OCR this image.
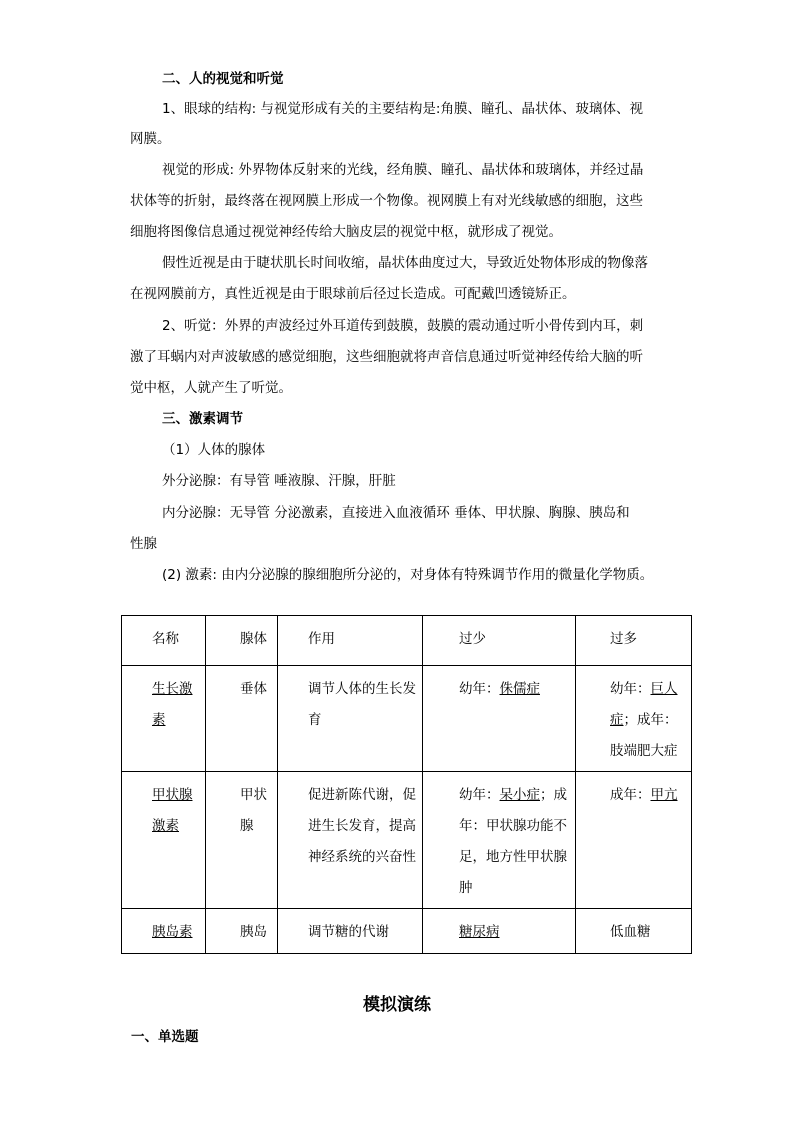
二、人的视觉和听觉
1、眼球的结构: 与视觉形成有关的主要结构是:角膜、瞳孔、晶状体、玻璃体、视
网膜。
视觉的形成: 外界物体反射来的光线，经角膜、瞳孔、晶状体和玻璃体，并经过晶
状体等的折射，最终落在视网膜上形成一个物像。视网膜上有对光线敏感的细胞，这些
细胞将图像信息通过视觉神经传给大脑皮层的视觉中枢，就形成了视觉。
假性近视是由于睫状肌长时间收缩，晶状体曲度过大，导致近处物体形成的物像落
在视网膜前方，真性近视是由于眼球前后径过长造成。可配戴凹透镜矫正。
2、听觉：外界的声波经过外耳道传到鼓膜，鼓膜的震动通过听小骨传到内耳，刺
激了耳蜗内对声波敏感的感觉细胞，这些细胞就将声音信息通过听觉神经传给大脑的听
觉中枢，人就产生了听觉。
三、激素调节
（1）人体的腺体
外分泌腺：有导管 唾液腺、汗腺，肝脏
内分泌腺：无导管 分泌激素，直接进入血液循环 垂体、甲状腺、胸腺、胰岛和
性腺
(2) 激素: 由内分泌腺的腺细胞所分泌的，对身体有特殊调节作用的微量化学物质。
名称	腺体	作用	过少	过多
生长激素	垂体	调节人体的生长发育	幼年：侏儒症	幼年：巨人症；成年：肢端肥大症
甲状腺激素	甲状腺	促进新陈代谢，促进生长发育，提高神经系统的兴奋性	幼年：呆小症；成年：甲状腺功能不足，地方性甲状腺肿	成年：甲亢
胰岛素	胰岛	调节糖的代谢	糖尿病	低血糖
模拟演练
一、单选题
